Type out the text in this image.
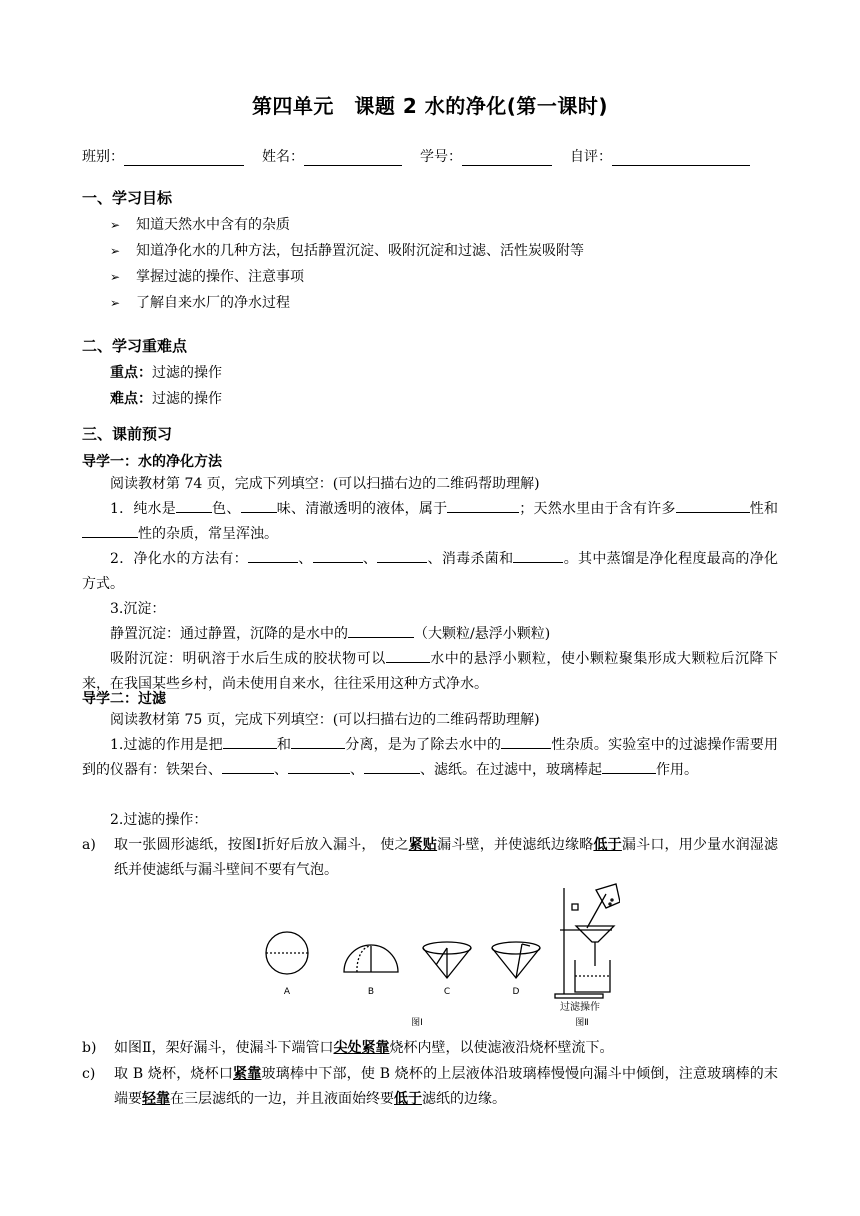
第四单元　课题 2 水的净化(第一课时)
班别：	姓名：	学号：	自评：
一、学习目标
➢ 知道天然水中含有的杂质
➢ 知道净化水的几种方法，包括静置沉淀、吸附沉淀和过滤、活性炭吸附等
➢ 掌握过滤的操作、注意事项
➢ 了解自来水厂的净水过程
二、学习重难点
重点：过滤的操作
难点：过滤的操作
三、课前预习
导学一：水的净化方法
阅读教材第 74 页，完成下列填空：(可以扫描右边的二维码帮助理解)
1．纯水是	色、	味、清澈透明的液体，属于	；天然水里由于含有许多	性和性的杂质，常呈浑浊。
2．净化水的方法有：	、	、	、消毒杀菌和	。其中蒸馏是净化程度最高的净化方式。
3.沉淀：
静置沉淀：通过静置，沉降的是水中的	（大颗粒/悬浮小颗粒)
吸附沉淀：明矾溶于水后生成的胶状物可以	水中的悬浮小颗粒，使小颗粒聚集形成大颗粒后沉降下来，在我国某些乡村，尚未使用自来水，往往采用这种方式净水。
导学二：过滤
阅读教材第 75 页，完成下列填空：(可以扫描右边的二维码帮助理解)
1.过滤的作用是把	和	分离，是为了除去水中的	性杂质。实验室中的过滤操作需要用到的仪器有：铁架台、	、	、	、滤纸。在过滤中，玻璃棒起	作用。
2.过滤的操作：
a) 取一张圆形滤纸，按图Ⅰ折好后放入漏斗， 使之紧贴漏斗壁，并使滤纸边缘略低于漏斗口，用少量水润湿滤纸并使滤纸与漏斗壁间不要有气泡。
A	B	C	D
过滤操作
图Ⅰ	图Ⅱ
b) 如图Ⅱ，架好漏斗，使漏斗下端管口尖处紧靠烧杯内壁，以使滤液沿烧杯壁流下。
c) 取 B 烧杯，烧杯口紧靠玻璃棒中下部，使 B 烧杯的上层液体沿玻璃棒慢慢向漏斗中倾倒，注意玻璃棒的末端要轻靠在三层滤纸的一边，并且液面始终要低于滤纸的边缘。
